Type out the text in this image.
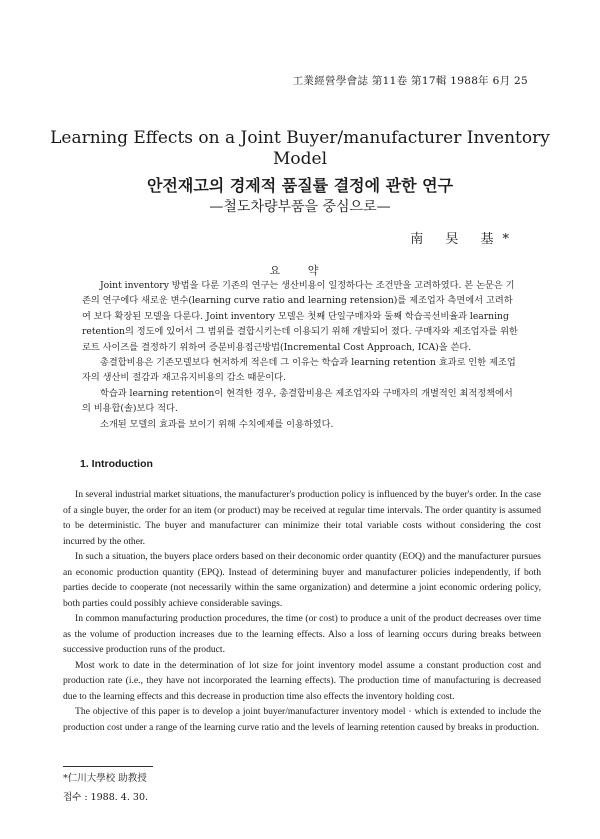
工業經營學會誌 第11卷 第17輯 1988年 6月 25
Learning Effects on a Joint Buyer/manufacturer Inventory Model
안전재고의 경제적 품질률 결정에 관한 연구
—철도차량부품을 중심으로—
南 旲 基*
요 약

Joint inventory 방법을 다룬 기존의 연구는 생산비용이 일정하다는 조건만을 고려하였다. 본 논문은 기존의 연구에다 새로운 변수(learning curve ratio and learning retension)를 제조업자 측면에서 고려하여 보다 확장된 모델을 다룬다. Joint inventory 모델은 첫째 단일구매자와 둘째 학습곡선비율과 learning retention의 정도에 있어서 그 범위를 결합시키는데 이용되기 위해 개발되어 졌다. 구매자와 제조업자를 위한 로트 사이즈를 결정하기 위하여 증분비용접근방법(Incremental Cost Approach, ICA)을 쓴다.

총결합비용은 기존모델보다 현저하게 적은데 그 이유는 학습과 learning retention 효과로 인한 제조업자의 생산비 절감과 재고유지비용의 감소 때문이다.

학습과 learning retention이 현격한 경우, 총결합비용은 제조업자와 구매자의 개별적인 최적정책에서의 비용합(솔)보다 적다.

소개된 모델의 효과를 보이기 위해 수치예제를 이용하였다.

1. Introduction

In several industrial market situations, the manufacturer's production policy is influenced by the buyer's order. In the case of a single buyer, the order for an item (or product) may be received at regular time intervals. The order quantity is assumed to be deterministic. The buyer and manufacturer can minimize their total variable costs without considering the cost incurred by the other.

In such a situation, the buyers place orders based on their deconomic order quantity (EOQ) and the manufacturer pursues an economic production quantity (EPQ). Instead of determining buyer and manufacturer policies independently, if both parties decide to cooperate (not necessarily within the same organization) and determine a joint economic ordering policy, both parties could possibly achieve considerable savings.

In common manufacturing production procedures, the time (or cost) to produce a unit of the product decreases over time as the volume of production increases due to the learning effects. Also a loss of learning occurs during breaks between successive production runs of the product.

Most work to date in the determination of lot size for joint inventory model assume a constant production cost and production rate (i.e., they have not incorporated the learning effects). The production time of manufacturing is decreased due to the learning effects and this decrease in production time also effects the inventory holding cost.

The objective of this paper is to develop a joint buyer/manufacturer inventory model · which is extended to include the production cost under a range of the learning curve ratio and the levels of learning retention caused by breaks in production.

*仁川大學校 助教授
접수 : 1988. 4. 30.
